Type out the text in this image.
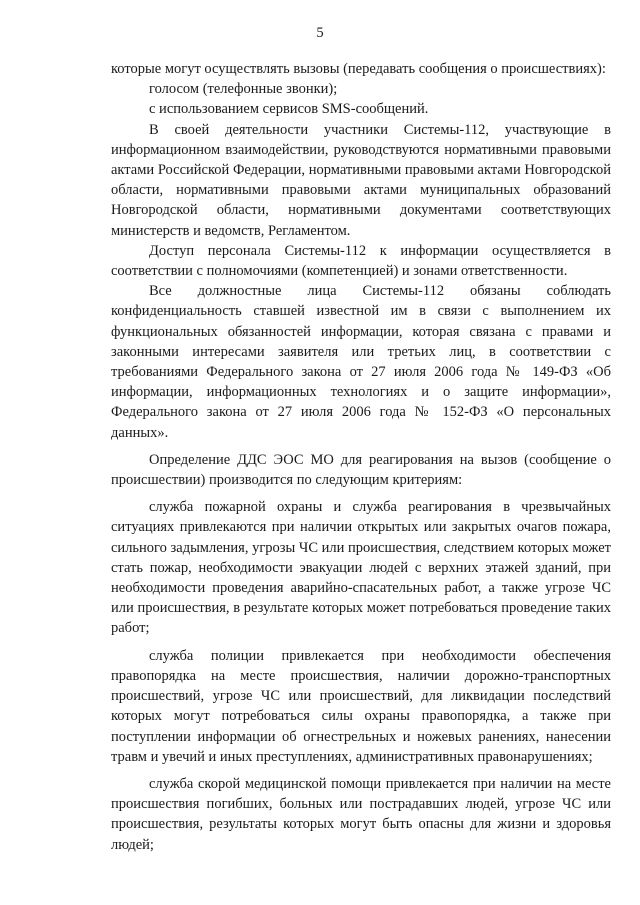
5

которые могут осуществлять вызовы (передавать сообщения о происшествиях):

голосом (телефонные звонки);

с использованием сервисов SMS-сообщений.

В своей деятельности участники Системы-112, участвующие в информационном взаимодействии, руководствуются нормативными правовыми актами Российской Федерации, нормативными правовыми актами Новгородской области, нормативными правовыми актами муниципальных образований Новгородской области, нормативными документами соответствующих министерств и ведомств, Регламентом.

Доступ персонала Системы-112 к информации осуществляется в соответствии с полномочиями (компетенцией) и зонами ответственности.

Все должностные лица Системы-112 обязаны соблюдать конфиденциальность ставшей известной им в связи с выполнением их функциональных обязанностей информации, которая связана с правами и законными интересами заявителя или третьих лиц, в соответствии с требованиями Федерального закона от 27 июля 2006 года № 149-ФЗ «Об информации, информационных технологиях и о защите информации», Федерального закона от 27 июля 2006 года № 152-ФЗ «О персональных данных».

Определение ДДС ЭОС МО для реагирования на вызов (сообщение о происшествии) производится по следующим критериям:

служба пожарной охраны и служба реагирования в чрезвычайных ситуациях привлекаются при наличии открытых или закрытых очагов пожара, сильного задымления, угрозы ЧС или происшествия, следствием которых может стать пожар, необходимости эвакуации людей с верхних этажей зданий, при необходимости проведения аварийно-спасательных работ, а также угрозе ЧС или происшествия, в результате которых может потребоваться проведение таких работ;

служба полиции привлекается при необходимости обеспечения правопорядка на месте происшествия, наличии дорожно-транспортных происшествий, угрозе ЧС или происшествий, для ликвидации последствий которых могут потребоваться силы охраны правопорядка, а также при поступлении информации об огнестрельных и ножевых ранениях, нанесении травм и увечий и иных преступлениях, административных правонарушениях;

служба скорой медицинской помощи привлекается при наличии на месте происшествия погибших, больных или пострадавших людей, угрозе ЧС или происшествия, результаты которых могут быть опасны для жизни и здоровья людей;
